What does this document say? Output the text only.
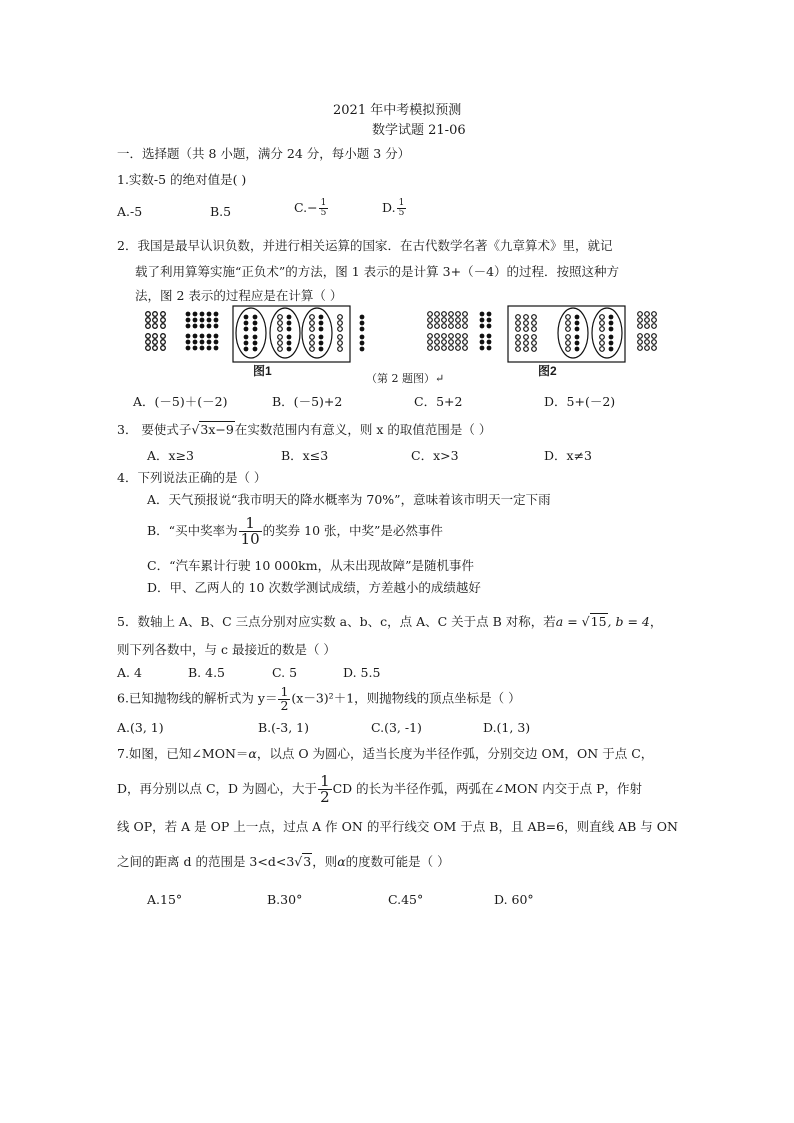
2021 年中考模拟预测
数学试题 21-06
一．选择题（共 8 小题，满分 24 分，每小题 3 分）
1.实数-5 的绝对值是( )
A.-5	B.5	$C.- \frac{1}{5}$	D. $\frac{1}{5}$
2．我国是最早认识负数，并进行相关运算的国家．在古代数学名著《九章算术》里，就记
载了利用算筹实施“正负术”的方法，图 1 表示的是计算 3+（－4）的过程．按照这种方
法，图 2 表示的过程应是在计算（ ）
图1	图2
（第 2 题图）↵
A．(－5)＋(－2)	B．(－5)+2	C．5+2	D．5+(－2)
3． 要使式子√3x−9在实数范围内有意义，则 x 的取值范围是（ ）
A．x≥3	B．x≤3	C．x>3	D．x≠3
4．下列说法正确的是（ ）
A．天气预报说“我市明天的降水概率为 70%”，意味着该市明天一定下雨
B．“买中奖率为 $\frac{1}{10}$ 的奖券 10 张，中奖”是必然事件
C．“汽车累计行驶 10 000km，从未出现故障”是随机事件
D．甲、乙两人的 10 次数学测试成绩，方差越小的成绩越好
5．数轴上 A、B、C 三点分别对应实数 a、b、c，点 A、C 关于点 B 对称，若a = √15, b = 4，
则下列各数中，与 c 最接近的数是（ ）
A. 4	B. 4.5	C. 5	D. 5.5
6.已知抛物线的解析式为 $y= \frac{1}{2} (x-3)^2+1$，则抛物线的顶点坐标是（ ）
A.(3, 1)	B.(-3, 1)	C.(3, -1)	D.(1, 3)
7.如图，已知∠MON＝α，以点 O 为圆心，适当长度为半径作弧，分别交边 OM，ON 于点 C，
D，再分别以点 C，D 为圆心，大于 $\frac{1}{2}$ CD 的长为半径作弧，两弧在∠MON 内交于点 P，作射
线 OP，若 A 是 OP 上一点，过点 A 作 ON 的平行线交 OM 于点 B，且 AB=6，则直线 AB 与 ON
之间的距离 d 的范围是 3<d<3√3，则α的度数可能是（ ）
A.15°	B.30°	C.45°	D. 60°
